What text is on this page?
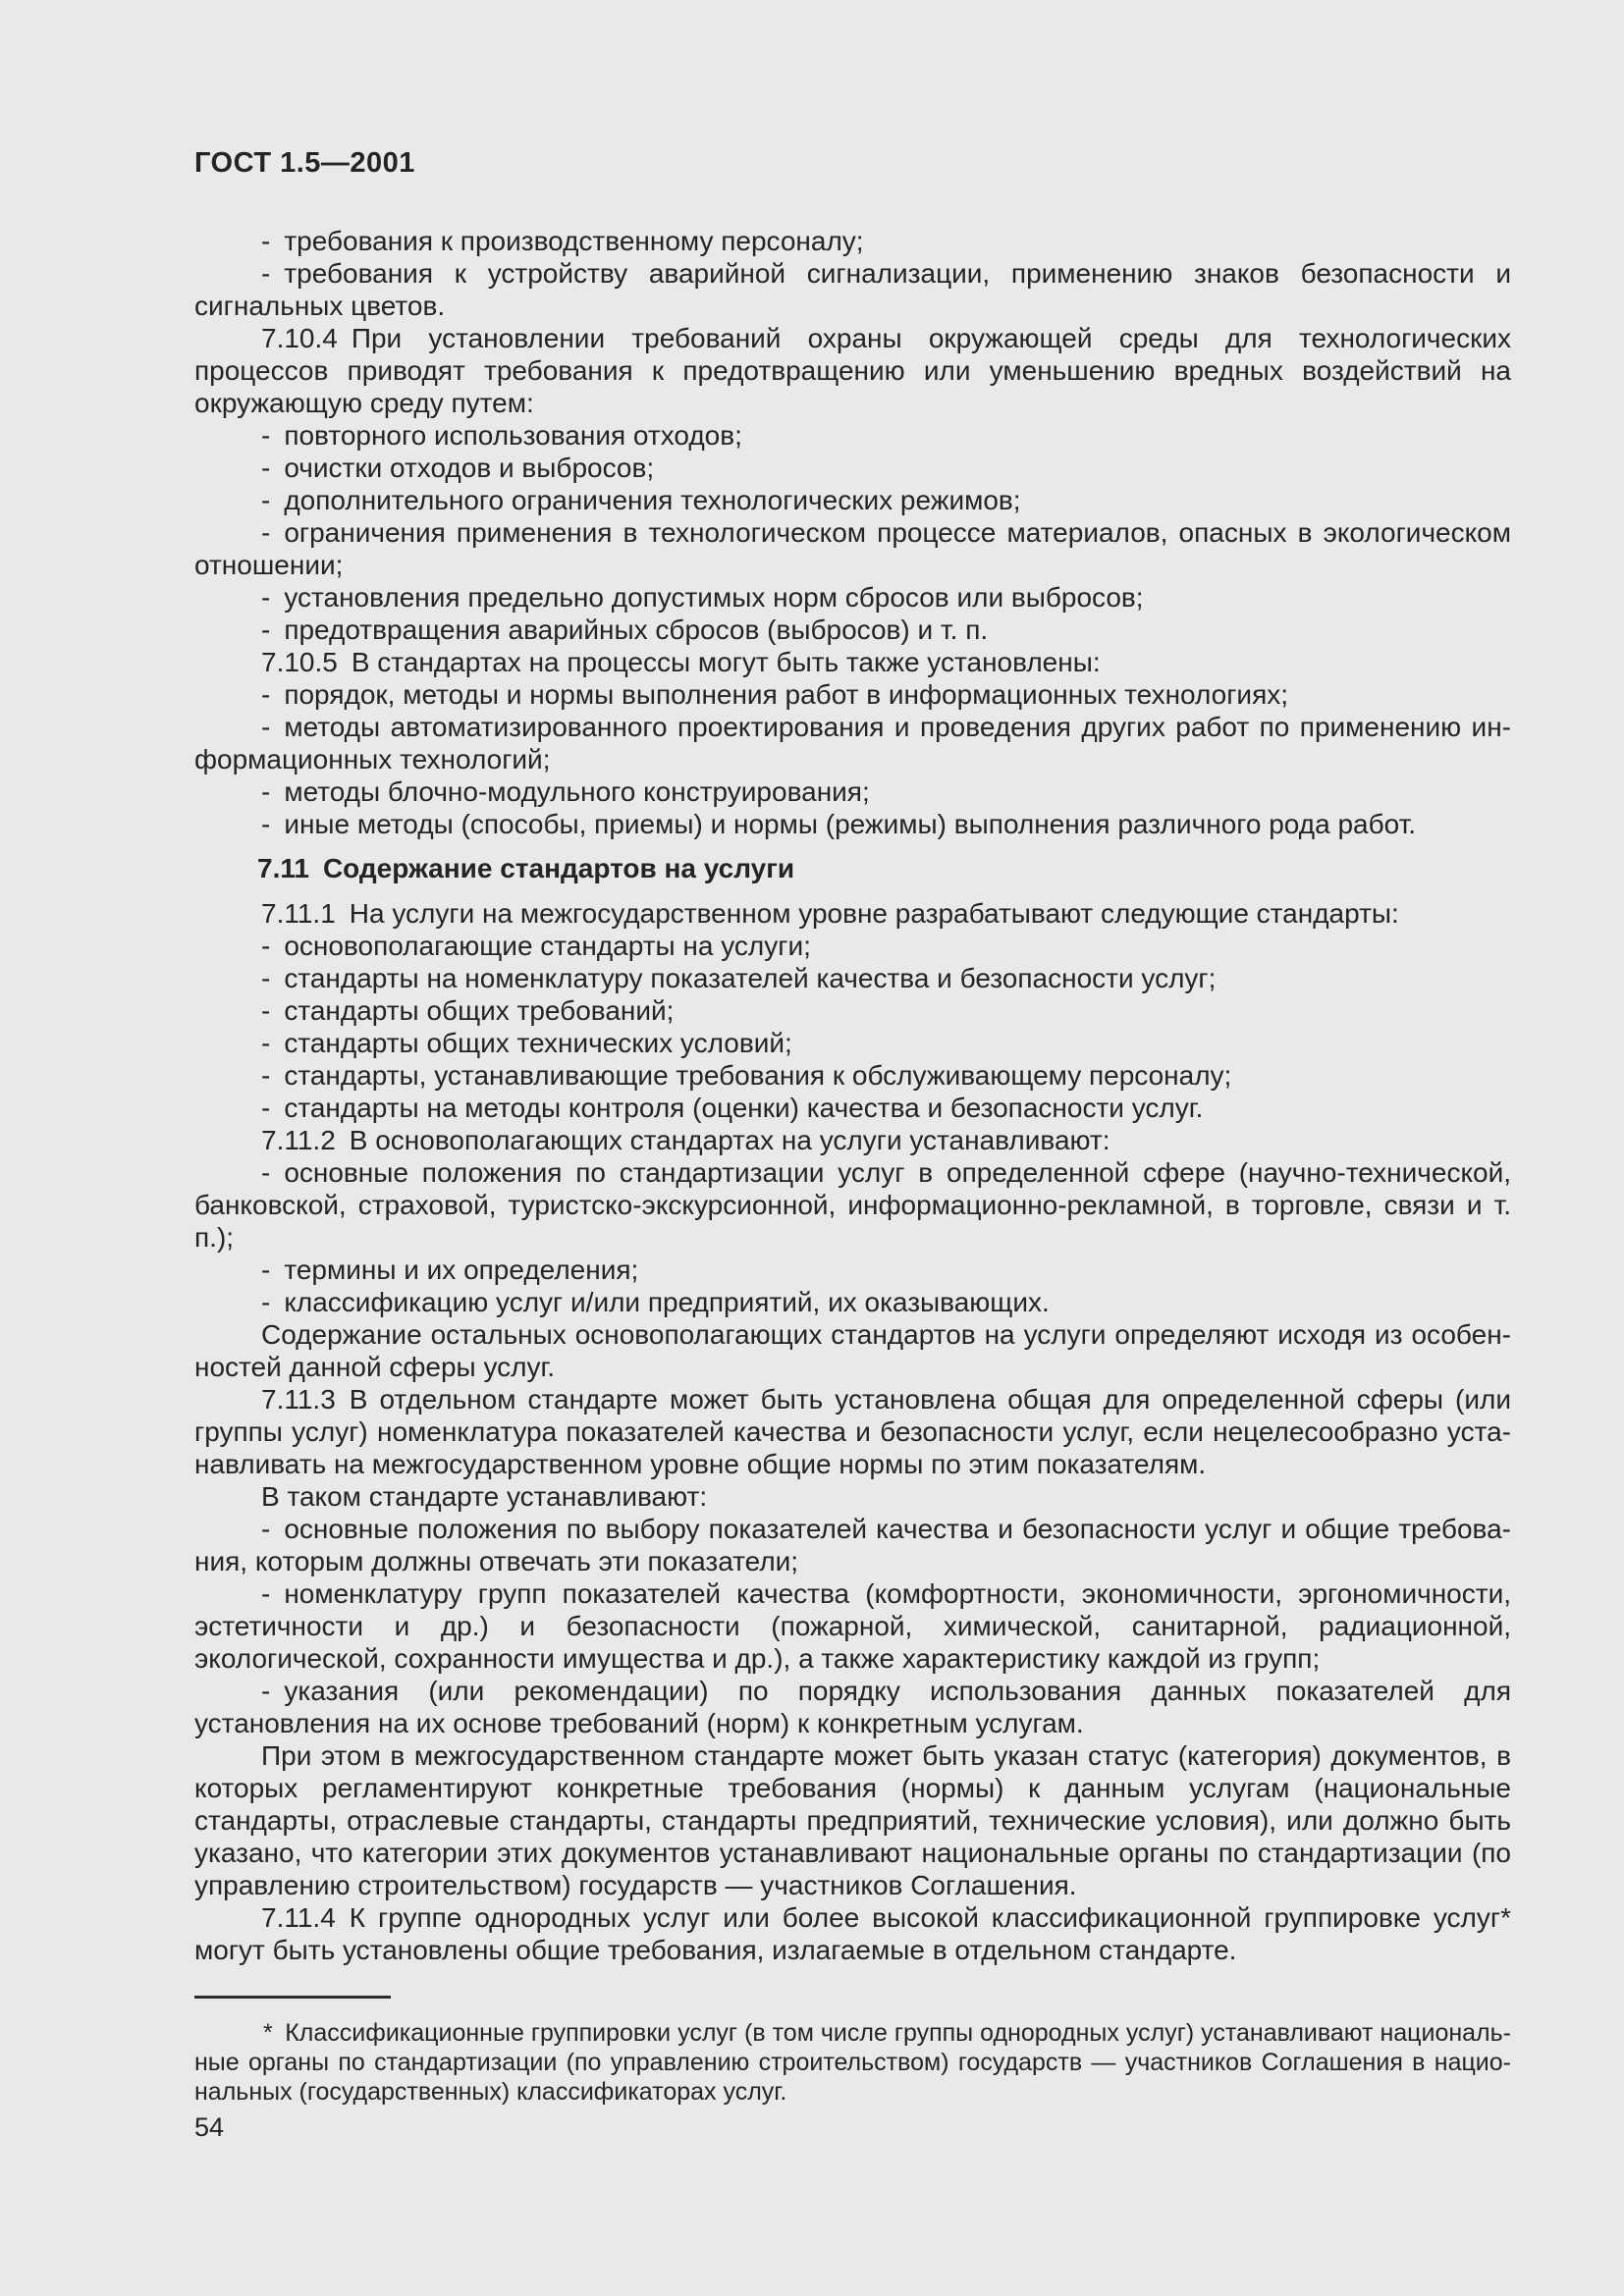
ГОСТ 1.5—2001

- требования к производственному персоналу;

- требования к устройству аварийной сигнализации, применению знаков безопасности и сигнальных цветов.

7.10.4 При установлении требований охраны окружающей среды для технологических процессов приводят требования к предотвращению или уменьшению вредных воздействий на окружающую среду путем:

- повторного использования отходов;

- очистки отходов и выбросов;

- дополнительного ограничения технологических режимов;

- ограничения применения в технологическом процессе материалов, опасных в экологическом отношении;

- установления предельно допустимых норм сбросов или выбросов;

- предотвращения аварийных сбросов (выбросов) и т. п.

7.10.5 В стандартах на процессы могут быть также установлены:

- порядок, методы и нормы выполнения работ в информационных технологиях;

- методы автоматизированного проектирования и проведения других работ по применению информационных технологий;

- методы блочно-модульного конструирования;

- иные методы (способы, приемы) и нормы (режимы) выполнения различного рода работ.

7.11 Содержание стандартов на услуги

7.11.1 На услуги на межгосударственном уровне разрабатывают следующие стандарты:

- основополагающие стандарты на услуги;

- стандарты на номенклатуру показателей качества и безопасности услуг;

- стандарты общих требований;

- стандарты общих технических условий;

- стандарты, устанавливающие требования к обслуживающему персоналу;

- стандарты на методы контроля (оценки) качества и безопасности услуг.

7.11.2 В основополагающих стандартах на услуги устанавливают:

- основные положения по стандартизации услуг в определенной сфере (научно-технической, банковской, страховой, туристско-экскурсионной, информационно-рекламной, в торговле, связи и т. п.);

- термины и их определения;

- классификацию услуг и/или предприятий, их оказывающих.

Содержание остальных основополагающих стандартов на услуги определяют исходя из особенностей данной сферы услуг.

7.11.3 В отдельном стандарте может быть установлена общая для определенной сферы (или группы услуг) номенклатура показателей качества и безопасности услуг, если нецелесообразно устанавливать на межгосударственном уровне общие нормы по этим показателям.

В таком стандарте устанавливают:

- основные положения по выбору показателей качества и безопасности услуг и общие требования, которым должны отвечать эти показатели;

- номенклатуру групп показателей качества (комфортности, экономичности, эргономичности, эстетичности и др.) и безопасности (пожарной, химической, санитарной, радиационной, экологической, сохранности имущества и др.), а также характеристику каждой из групп;

- указания (или рекомендации) по порядку использования данных показателей для установления на их основе требований (норм) к конкретным услугам.

При этом в межгосударственном стандарте может быть указан статус (категория) документов, в которых регламентируют конкретные требования (нормы) к данным услугам (национальные стандарты, отраслевые стандарты, стандарты предприятий, технические условия), или должно быть указано, что категории этих документов устанавливают национальные органы по стандартизации (по управлению строительством) государств — участников Соглашения.

7.11.4 К группе однородных услуг или более высокой классификационной группировке услуг* могут быть установлены общие требования, излагаемые в отдельном стандарте.

* Классификационные группировки услуг (в том числе группы однородных услуг) устанавливают национальные органы по стандартизации (по управлению строительством) государств — участников Соглашения в национальных (государственных) классификаторах услуг.

54
